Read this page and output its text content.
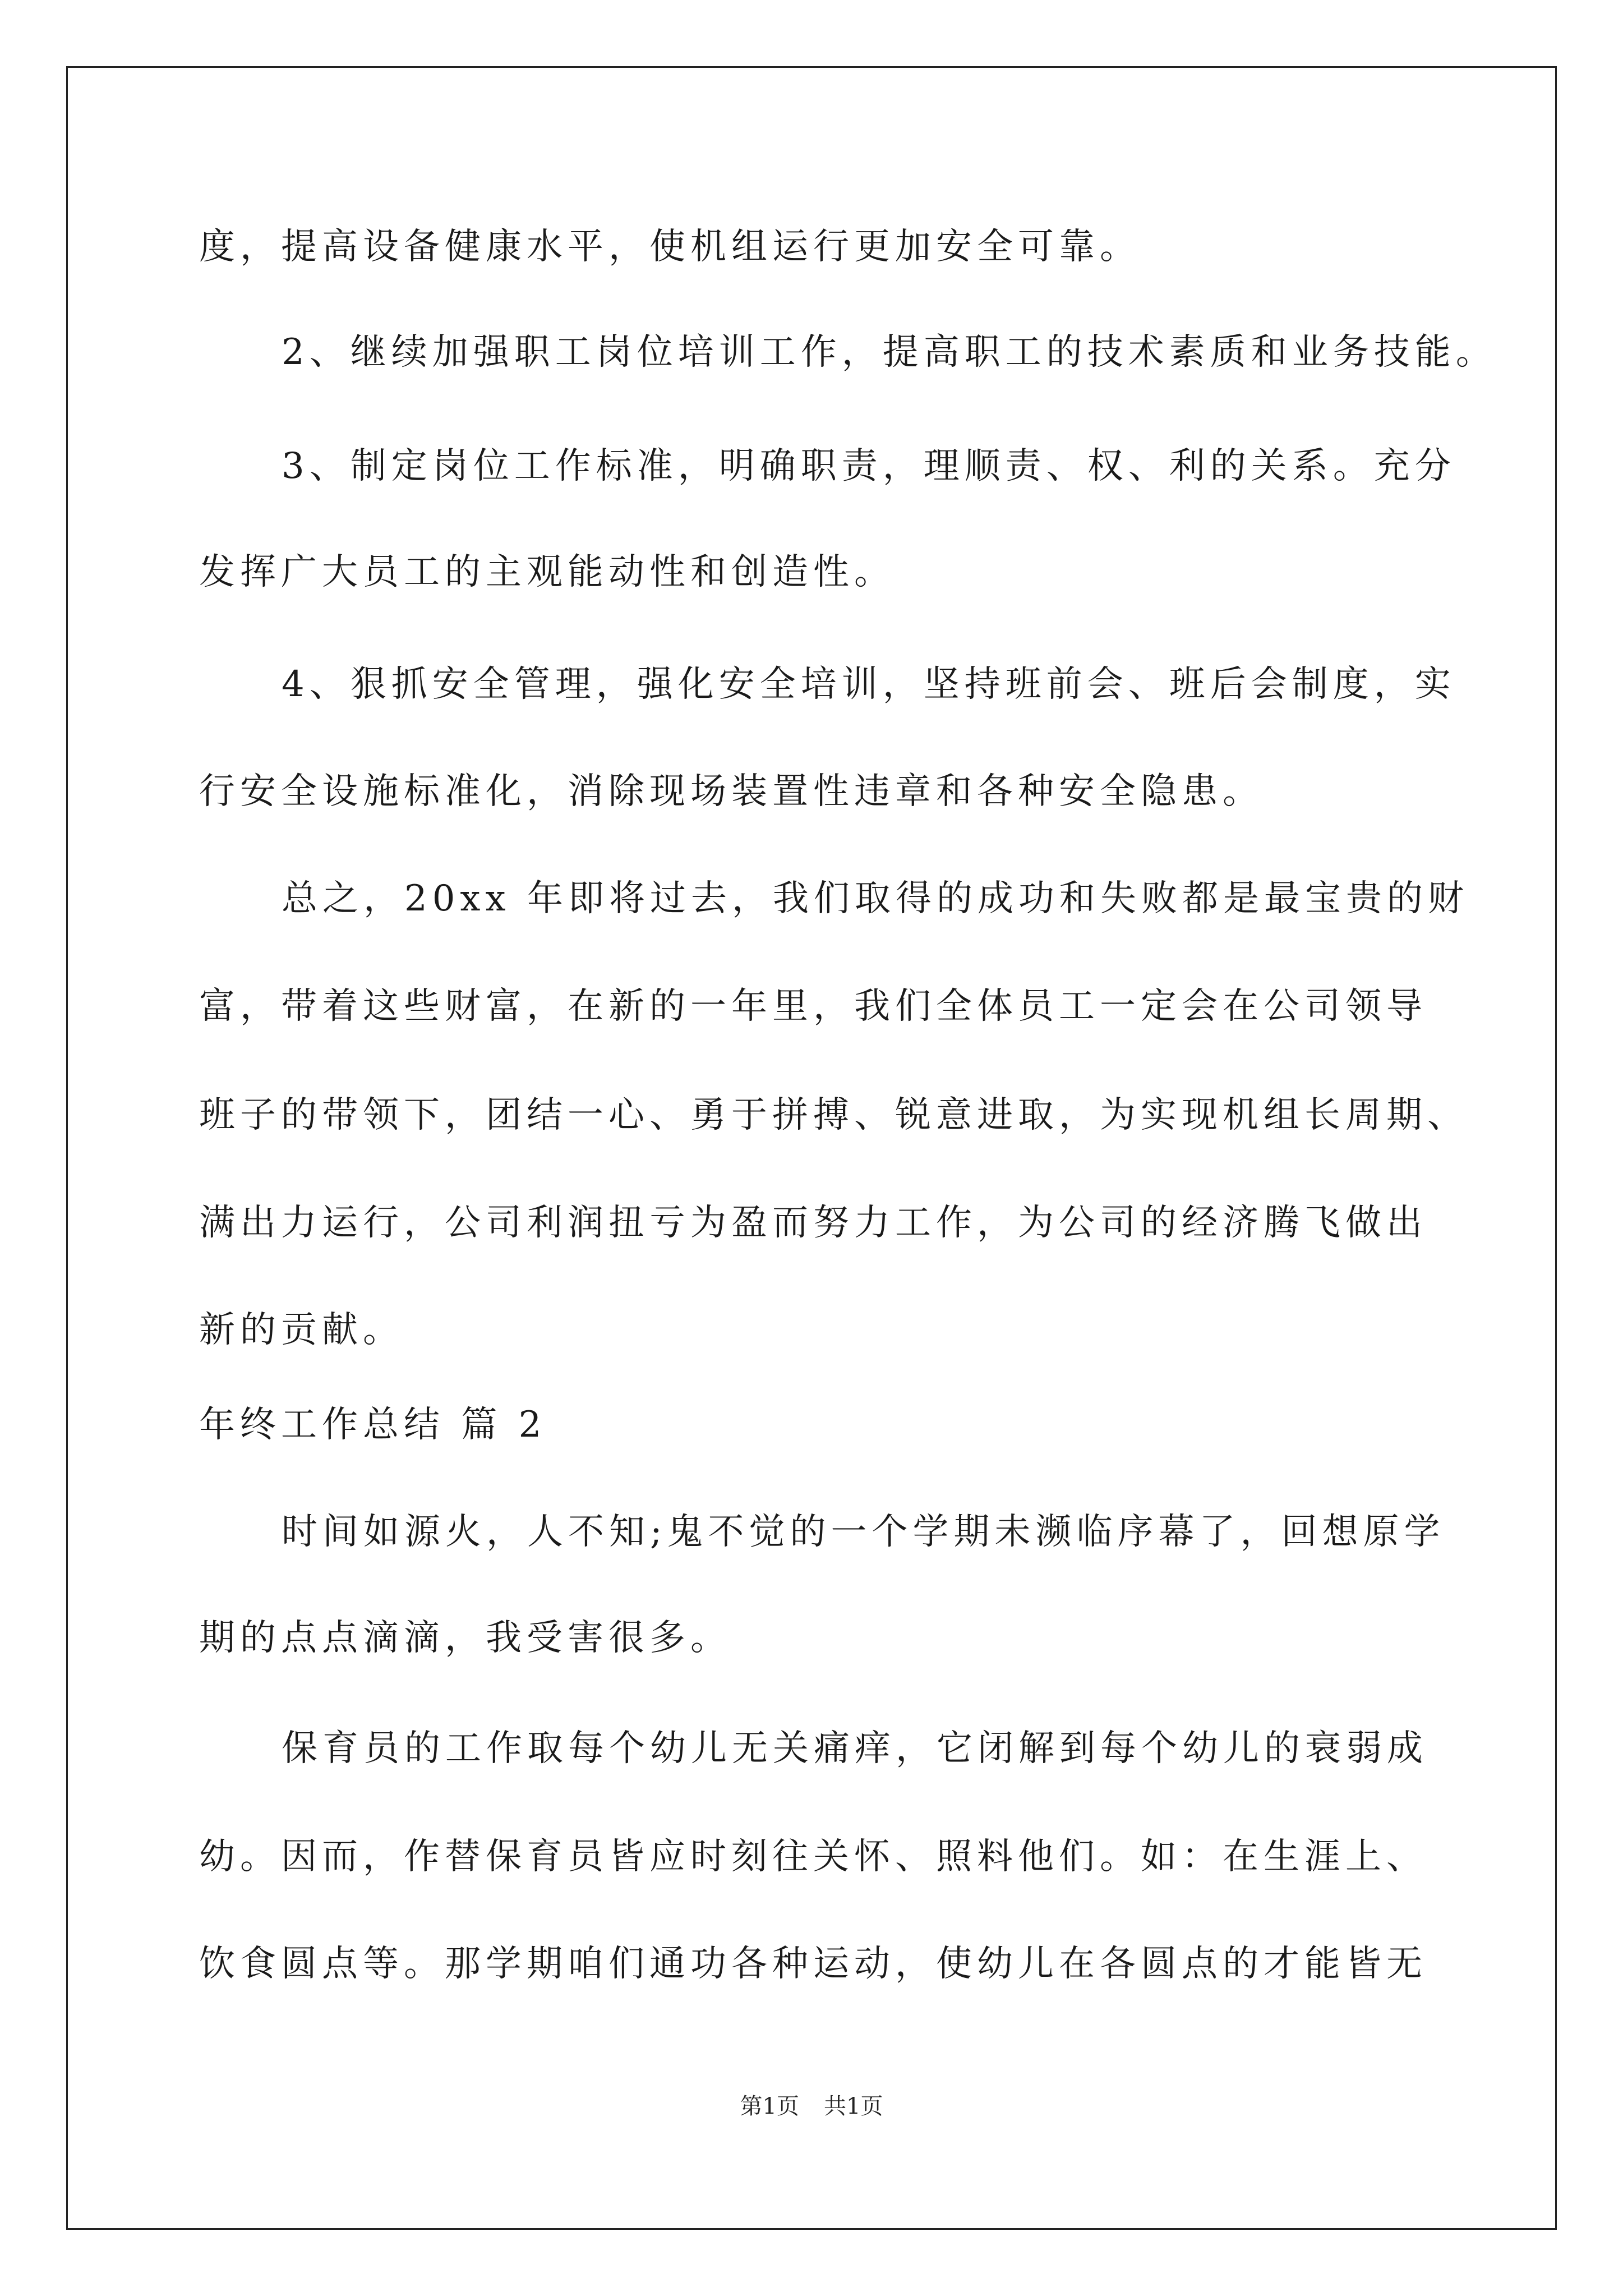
度，提高设备健康水平，使机组运行更加安全可靠。
2、继续加强职工岗位培训工作，提高职工的技术素质和业务技能。
3、制定岗位工作标准，明确职责，理顺责、权、利的关系。充分
发挥广大员工的主观能动性和创造性。
4、狠抓安全管理，强化安全培训，坚持班前会、班后会制度，实
行安全设施标准化，消除现场装置性违章和各种安全隐患。
总之，20xx 年即将过去，我们取得的成功和失败都是最宝贵的财
富，带着这些财富，在新的一年里，我们全体员工一定会在公司领导
班子的带领下，团结一心、勇于拼搏、锐意进取，为实现机组长周期、
满出力运行，公司利润扭亏为盈而努力工作，为公司的经济腾飞做出
新的贡献。
年终工作总结 篇 2
时间如源火，人不知;鬼不觉的一个学期未濒临序幕了，回想原学
期的点点滴滴，我受害很多。
保育员的工作取每个幼儿无关痛痒，它闭解到每个幼儿的衰弱成
幼。因而，作替保育员皆应时刻往关怀、照料他们。如：在生涯上、
饮食圆点等。那学期咱们通功各种运动，使幼儿在各圆点的才能皆无
第1页 共1页
